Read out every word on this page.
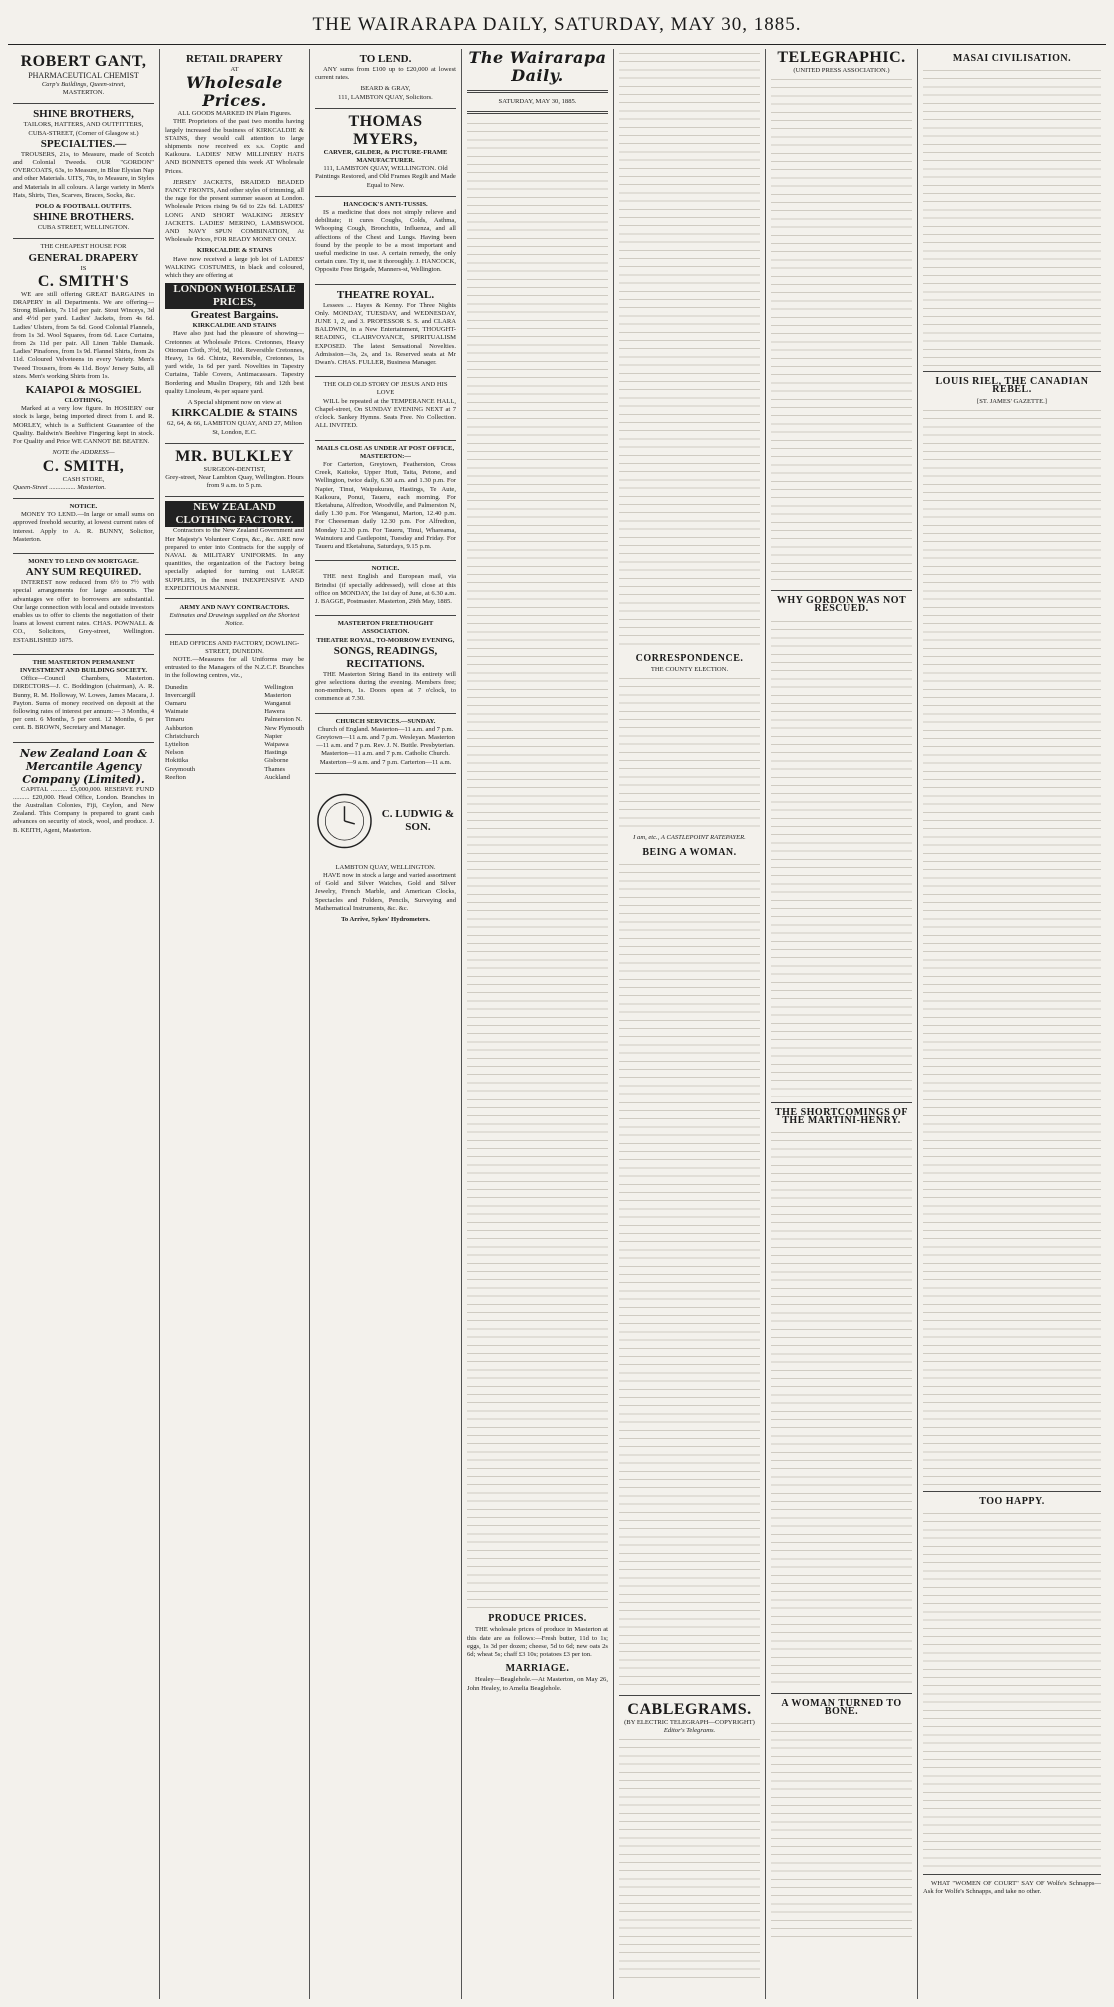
THE WAIRARAPA DAILY, SATURDAY, MAY 30, 1885.
ROBERT GANT,
PHARMACEUTICAL CHEMIST
Carp's Buildings, Queen-street,
MASTERTON.
SHINE BROTHERS,
TAILORS, HATTERS, AND OUTFITTERS,
CUBA-STREET, (Corner of Glasgow st.)
SPECIALTIES.—

TROUSERS, 21s, to Measure, made of Scotch and Colonial Tweeds. OUR "GORDON" OVERCOATS, 63s, to Measure, in Blue Elysian Nap and other Materials. UITS, 70s, to Measure, in Styles and Materials in all colours. A large variety in Men's Hats, Shirts, Ties, Scarves, Braces, Socks, &c.

POLO & FOOTBALL OUTFITS.
SHINE BROTHERS.
CUBA STREET, WELLINGTON.
THE CHEAPEST HOUSE FOR
GENERAL DRAPERY
IS
C. SMITH'S

WE are still offering GREAT BARGAINS in DRAPERY in all Departments. We are offering— Strong Blankets, 7s 11d per pair. Stout Winceys, 3d and 4½d per yard. Ladies' Jackets, from 4s 6d. Ladies' Ulsters, from 5s 6d. Good Colonial Flannels, from 1s 3d. Wool Squares, from 6d. Lace Curtains, from 2s 11d per pair. All Linen Table Damask. Ladies' Pinafores, from 1s 9d. Flannel Shirts, from 2s 11d. Coloured Velveteens in every Variety. Men's Tweed Trousers, from 4s 11d. Boys' Jersey Suits, all sizes. Men's working Shirts from 1s.

KAIAPOI & MOSGIEL
CLOTHING,

Marked at a very low figure. In HOSIERY our stock is large, being imported direct from I. and R. MORLEY, which is a Sufficient Guarantee of the Quality. Baldwin's Beehive Fingering kept in stock. For Quality and Price WE CANNOT BE BEATEN.

NOTE the ADDRESS—
C. SMITH,
CASH STORE,
Queen-Street ................ Masterton.
NOTICE.

MONEY TO LEND.—In large or small sums on approved freehold security, at lowest current rates of interest. Apply to A. R. BUNNY, Solicitor, Masterton.

MONEY TO LEND ON MORTGAGE.
ANY SUM REQUIRED.

INTEREST now reduced from 6½ to 7½ with special arrangements for large amounts. The advantages we offer to borrowers are substantial. Our large connection with local and outside investors enables us to offer to clients the negotiation of their loans at lowest current rates. CHAS. POWNALL & CO., Solicitors, Grey-street, Wellington. ESTABLISHED 1875.

THE MASTERTON PERMANENT INVESTMENT AND BUILDING SOCIETY.

Office—Council Chambers, Masterton. DIRECTORS—J. C. Boddington (chairman), A. R. Bunny, R. M. Holloway, W. Lowes, James Macara, J. Payton. Sums of money received on deposit at the following rates of interest per annum:— 3 Months, 4 per cent. 6 Months, 5 per cent. 12 Months, 6 per cent. B. BROWN, Secretary and Manager.

New Zealand Loan & Mercantile Agency Company (Limited).

CAPITAL .......... £5,000,000. RESERVE FUND .......... £20,000. Head Office, London. Branches in the Australian Colonies, Fiji, Ceylon, and New Zealand. This Company is prepared to grant cash advances on security of stock, wool, and produce. J. B. KEITH, Agent, Masterton.

RETAIL DRAPERY
AT
Wholesale Prices.
ALL GOODS MARKED IN Plain Figures.

THE Proprietors of the past two months having largely increased the business of KIRKCALDIE & STAINS, they would call attention to large shipments now received ex s.s. Coptic and Kaikoura. LADIES' NEW MILLINERY HATS AND BONNETS opened this week AT Wholesale Prices.

JERSEY JACKETS, BRAIDED BEADED FANCY FRONTS, And other styles of trimming, all the rage for the present summer season at London. Wholesale Prices rising 9s 6d to 22s 6d. LADIES' LONG AND SHORT WALKING JERSEY JACKETS. LADIES' MERINO, LAMBSWOOL AND NAVY SPUN COMBINATION, At Wholesale Prices, FOR READY MONEY ONLY.

KIRKCALDIE & STAINS

Have now received a large job lot of LADIES' WALKING COSTUMES, in black and coloured, which they are offering at

LONDON WHOLESALE PRICES,
Greatest Bargains.
KIRKCALDIE AND STAINS

Have also just had the pleasure of showing—Cretonnes at Wholesale Prices. Cretonnes, Heavy Ottoman Cloth, 3½d, 9d, 10d. Reversible Cretonnes, Heavy, 1s 6d. Chintz, Reversible, Cretonnes, 1s yard wide, 1s 6d per yard. Novelties in Tapestry Curtains, Table Covers, Antimacassars. Tapestry Bordering and Muslin Drapery, 6th and 12th best quality Linoleum, 4s per square yard.

A Special shipment now on view at
KIRKCALDIE & STAINS
62, 64, & 66, LAMBTON QUAY, AND 27, Milton St, London, E.C.
MR. BULKLEY
SURGEON-DENTIST,
Grey-street, Near Lambton Quay, Wellington. Hours from 9 a.m. to 5 p.m.
NEW ZEALAND CLOTHING FACTORY.

Contractors to the New Zealand Government and Her Majesty's Volunteer Corps, &c., &c. ARE now prepared to enter into Contracts for the supply of NAVAL & MILITARY UNIFORMS. In any quantities, the organization of the Factory being specially adapted for turning out LARGE SUPPLIES, in the most INEXPENSIVE AND EXPEDITIOUS MANNER.

ARMY AND NAVY CONTRACTORS.
Estimates and Drawings supplied on the Shortest Notice.
HEAD OFFICES AND FACTORY, DOWLING-STREET, DUNEDIN.

NOTE.—Measures for all Uniforms may be entrusted to the Managers of the N.Z.C.F. Branches in the following centres, viz.,

Dunedin
Invercargill
Oamaru
Waimate
Timaru
Ashburton
Christchurch
Lyttelton
Nelson
Hokitika
Greymouth
Reefton
Wellington
Masterton
Wanganui
Hawera
Palmerston N.
New Plymouth
Napier
Waipawa
Hastings
Gisborne
Thames
Auckland
TO LEND.

ANY sums from £100 up to £20,000 at lowest current rates.

BEARD & GRAY,
111, LAMBTON QUAY, Solicitors.
THOMAS MYERS,
CARVER, GILDER, & PICTURE-FRAME MANUFACTURER.
111, LAMBTON QUAY, WELLINGTON. Old Paintings Restored, and Old Frames Regilt and Made Equal to New.
HANCOCK'S ANTI-TUSSIS.

IS a medicine that does not simply relieve and debilitate; it cures Coughs, Colds, Asthma, Whooping Cough, Bronchitis, Influenza, and all affections of the Chest and Lungs. Having been found by the people to be a most important and useful medicine in use. A certain remedy, the only certain cure. Try it, use it thoroughly. J. HANCOCK, Opposite Free Brigade, Manners-st, Wellington.

THEATRE ROYAL.

Lessees ... Hayes & Kenny. For Three Nights Only. MONDAY, TUESDAY, and WEDNESDAY, JUNE 1, 2, and 3. PROFESSOR S. S. and CLARA BALDWIN, in a New Entertainment, THOUGHT-READING, CLAIRVOYANCE, SPIRITUALISM EXPOSED. The latest Sensational Novelties. Admission—3s, 2s, and 1s. Reserved seats at Mr Dwan's. CHAS. FULLER, Business Manager.

THE OLD OLD STORY OF JESUS AND HIS LOVE

WILL be repeated at the TEMPERANCE HALL, Chapel-street, On SUNDAY EVENING NEXT at 7 o'clock. Sankey Hymns. Seats Free. No Collection. ALL INVITED.

MAILS CLOSE AS UNDER AT POST OFFICE, MASTERTON:—

For Carterton, Greytown, Featherston, Cross Creek, Kaitoke, Upper Hutt, Taita, Petone, and Wellington, twice daily, 6.30 a.m. and 1.30 p.m. For Napier, Tinui, Waipukurau, Hastings, Te Aute, Kaikoura, Ponui, Taueru, each morning. For Eketahuna, Alfredton, Woodville, and Palmerston N, daily 1.30 p.m. For Wanganui, Marton, 12.40 p.m. For Cheeseman daily 12.30 p.m. For Alfredton, Monday 12.30 p.m. For Taueru, Tinui, Whareama, Wainuioru and Castlepoint, Tuesday and Friday. For Taueru and Eketahuna, Saturdays, 9.15 p.m.

NOTICE.

THE next English and European mail, via Brindisi (if specially addressed), will close at this office on MONDAY, the 1st day of June, at 6.30 a.m. J. BAGGE, Postmaster. Masterton, 29th May, 1885.

MASTERTON FREETHOUGHT ASSOCIATION.
THEATRE ROYAL, TO-MORROW EVENING,
SONGS, READINGS, RECITATIONS.

THE Masterton String Band in its entirety will give selections during the evening. Members free; non-members, 1s. Doors open at 7 o'clock, to commence at 7.30.

CHURCH SERVICES.—SUNDAY.
Church of England. Masterton—11 a.m. and 7 p.m. Greytown—11 a.m. and 7 p.m. Wesleyan. Masterton—11 a.m. and 7 p.m. Rev. J. N. Buttle. Presbyterian. Masterton—11 a.m. and 7 p.m. Catholic Church. Masterton—9 a.m. and 7 p.m. Carterton—11 a.m.
C. LUDWIG & SON.
LAMBTON QUAY, WELLINGTON.

HAVE now in stock a large and varied assortment of Gold and Silver Watches, Gold and Silver Jewelry, French Marble, and American Clocks, Spectacles and Folders, Pencils, Surveying and Mathematical Instruments, &c. &c.

To Arrive, Sykes' Hydrometers.
The Wairarapa Daily.
SATURDAY, MAY 30, 1885.
PRODUCE PRICES.

THE wholesale prices of produce in Masterton at this date are as follows:—Fresh butter, 11d to 1s; eggs, 1s 3d per dozen; cheese, 5d to 6d; new oats 2s 6d; wheat 5s; chaff £3 10s; potatoes £3 per ton.

MARRIAGE.

Healey—Beaglehole.—At Masterton, on May 26, John Healey, to Amelia Beaglehole.

CORRESPONDENCE.
THE COUNTY ELECTION.
I am, etc., A CASTLEPOINT RATEPAYER.
BEING A WOMAN.
CABLEGRAMS.
(BY ELECTRIC TELEGRAPH—COPYRIGHT)
Editor's Telegrams.
TELEGRAPHIC.
(UNITED PRESS ASSOCIATION.)
WHY GORDON WAS NOT RESCUED.
THE SHORTCOMINGS OF THE MARTINI-HENRY.
A WOMAN TURNED TO BONE.
MASAI CIVILISATION.
LOUIS RIEL, THE CANADIAN REBEL.
[ST. JAMES' GAZETTE.]
TOO HAPPY.

WHAT "WOMEN OF COURT" SAY OF Wolfe's Schnapps—Ask for Wolfe's Schnapps, and take no other.
